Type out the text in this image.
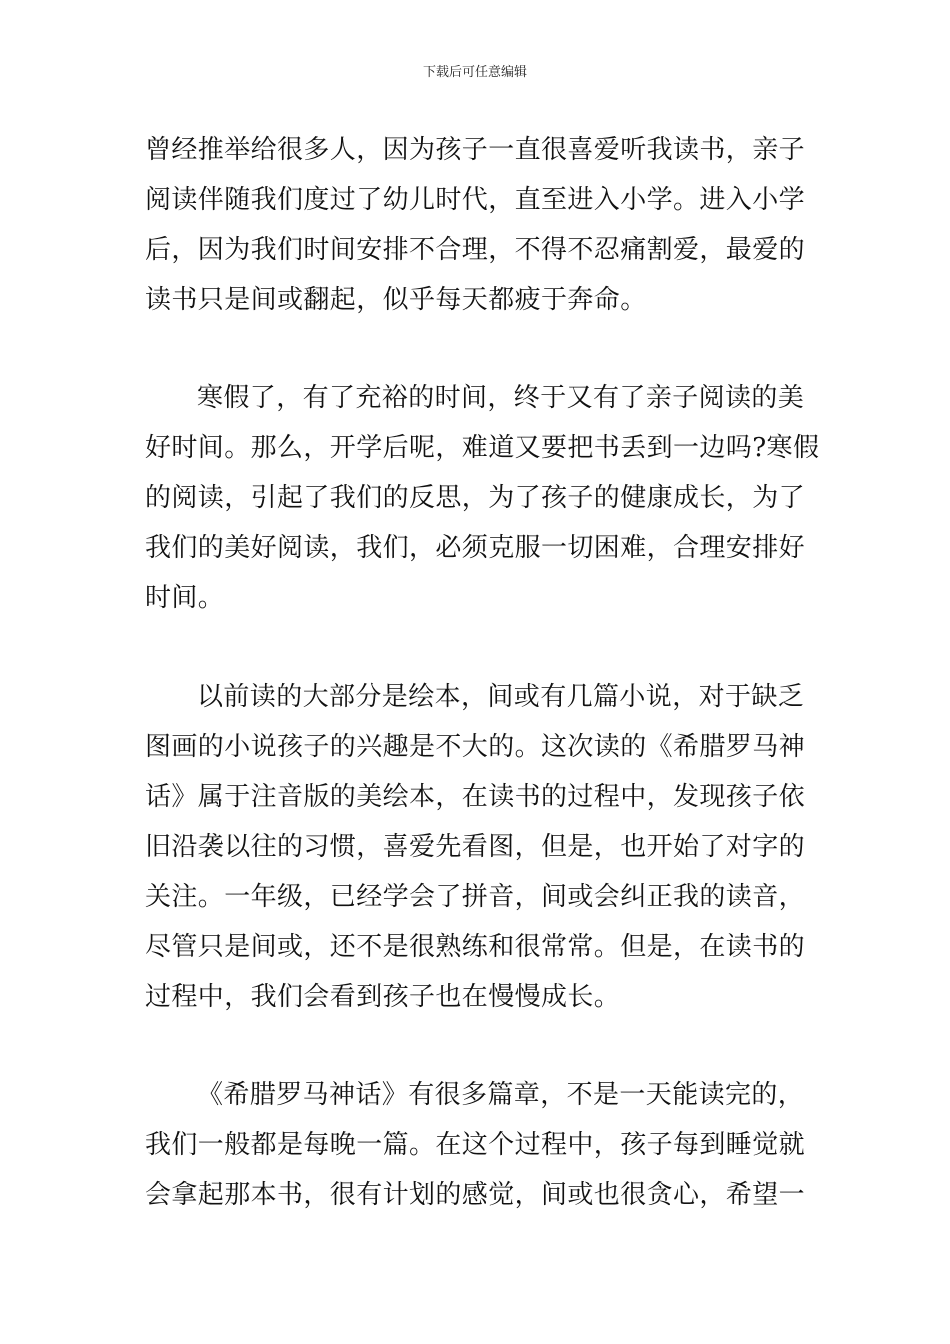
下载后可任意编辑
曾经推举给很多人，因为孩子一直很喜爱听我读书，亲子
阅读伴随我们度过了幼儿时代，直至进入小学。进入小学
后，因为我们时间安排不合理，不得不忍痛割爱，最爱的
读书只是间或翻起，似乎每天都疲于奔命。
寒假了，有了充裕的时间，终于又有了亲子阅读的美
好时间。那么，开学后呢，难道又要把书丢到一边吗?寒假
的阅读，引起了我们的反思，为了孩子的健康成长，为了
我们的美好阅读，我们，必须克服一切困难，合理安排好
时间。
以前读的大部分是绘本，间或有几篇小说，对于缺乏
图画的小说孩子的兴趣是不大的。这次读的《希腊罗马神
话》属于注音版的美绘本，在读书的过程中，发现孩子依
旧沿袭以往的习惯，喜爱先看图，但是，也开始了对字的
关注。一年级，已经学会了拼音，间或会纠正我的读音，
尽管只是间或，还不是很熟练和很常常。但是，在读书的
过程中，我们会看到孩子也在慢慢成长。
《希腊罗马神话》有很多篇章，不是一天能读完的，
我们一般都是每晚一篇。在这个过程中，孩子每到睡觉就
会拿起那本书，很有计划的感觉，间或也很贪心，希望一
